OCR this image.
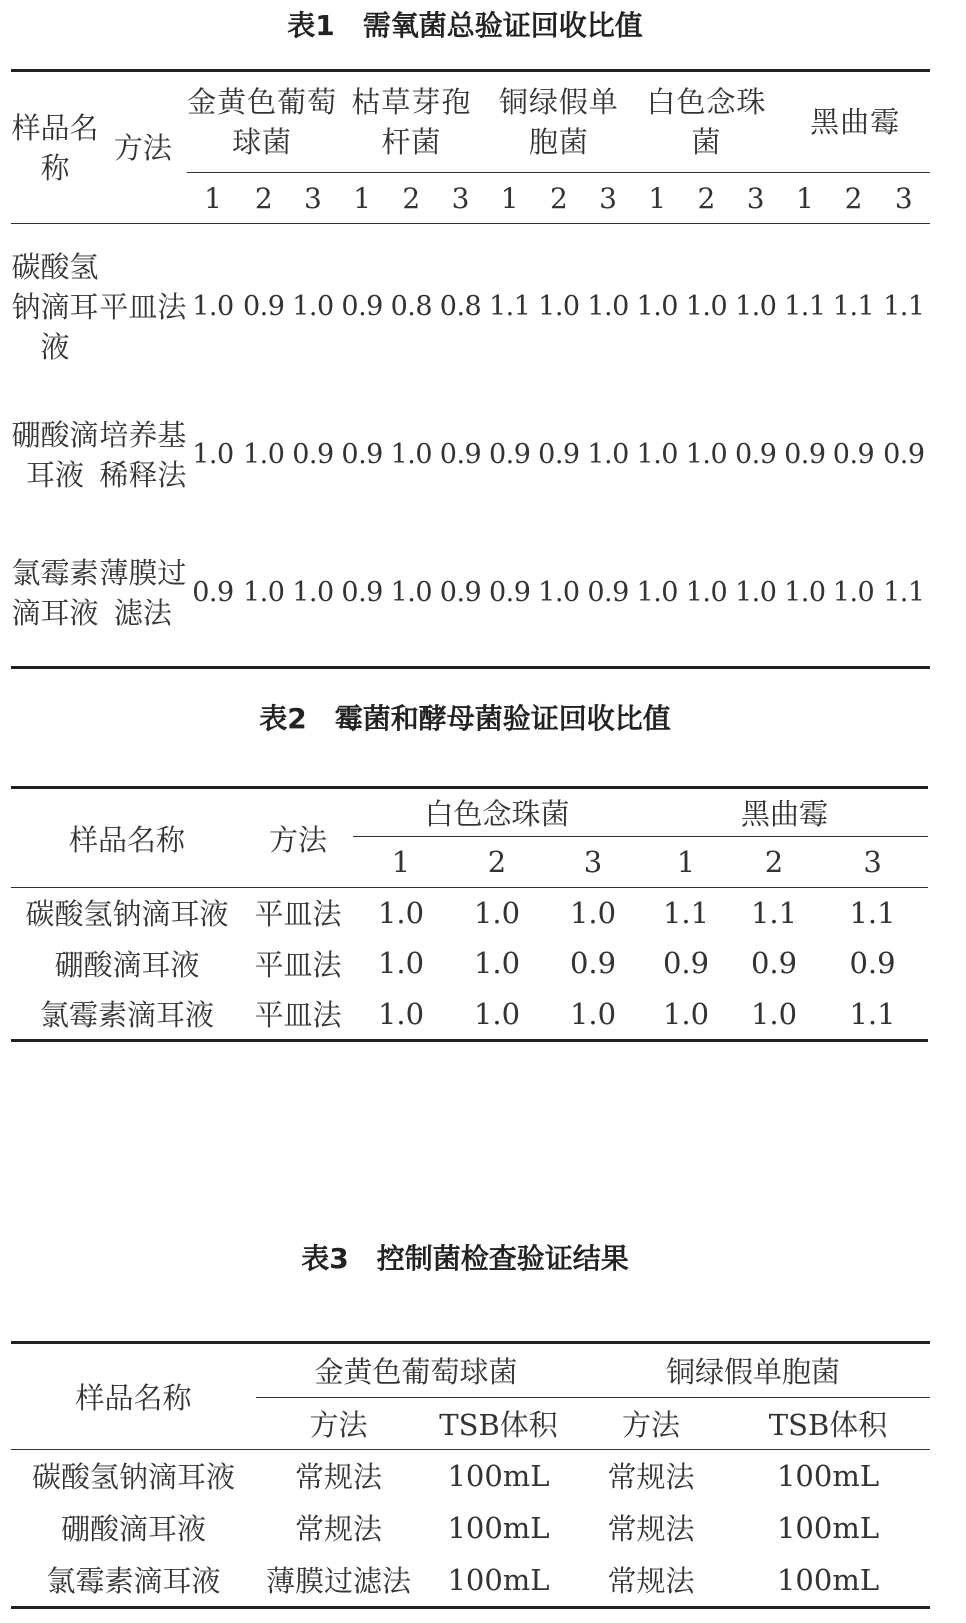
表1　需氧菌总验证回收比值
样品名称	方法	金黄色葡萄球菌			枯草芽孢杆菌			铜绿假单胞菌			白色念珠菌			黑曲霉		
		1	2	3	1	2	3	1	2	3	1	2	3	1	2	3
碳酸氢钠滴耳液	平皿法	1.0	0.9	1.0	0.9	0.8	0.8	1.1	1.0	1.0	1.0	1.0	1.0	1.1	1.1	1.1
硼酸滴耳液	培养基稀释法	1.0	1.0	0.9	0.9	1.0	0.9	0.9	0.9	1.0	1.0	1.0	0.9	0.9	0.9	0.9
氯霉素滴耳液	薄膜过滤法	0.9	1.0	1.0	0.9	1.0	0.9	0.9	1.0	0.9	1.0	1.0	1.0	1.0	1.0	1.1
表2　霉菌和酵母菌验证回收比值
样品名称	方法	白色念珠菌			黑曲霉		
		1	2	3	1	2	3
碳酸氢钠滴耳液	平皿法	1.0	1.0	1.0	1.1	1.1	1.1
硼酸滴耳液	平皿法	1.0	1.0	0.9	0.9	0.9	0.9
氯霉素滴耳液	平皿法	1.0	1.0	1.0	1.0	1.0	1.1
表3　控制菌检查验证结果
样品名称	金黄色葡萄球菌		铜绿假单胞菌	
	方法	TSB体积	方法	TSB体积
碳酸氢钠滴耳液	常规法	100mL	常规法	100mL
硼酸滴耳液	常规法	100mL	常规法	100mL
氯霉素滴耳液	薄膜过滤法	100mL	常规法	100mL
